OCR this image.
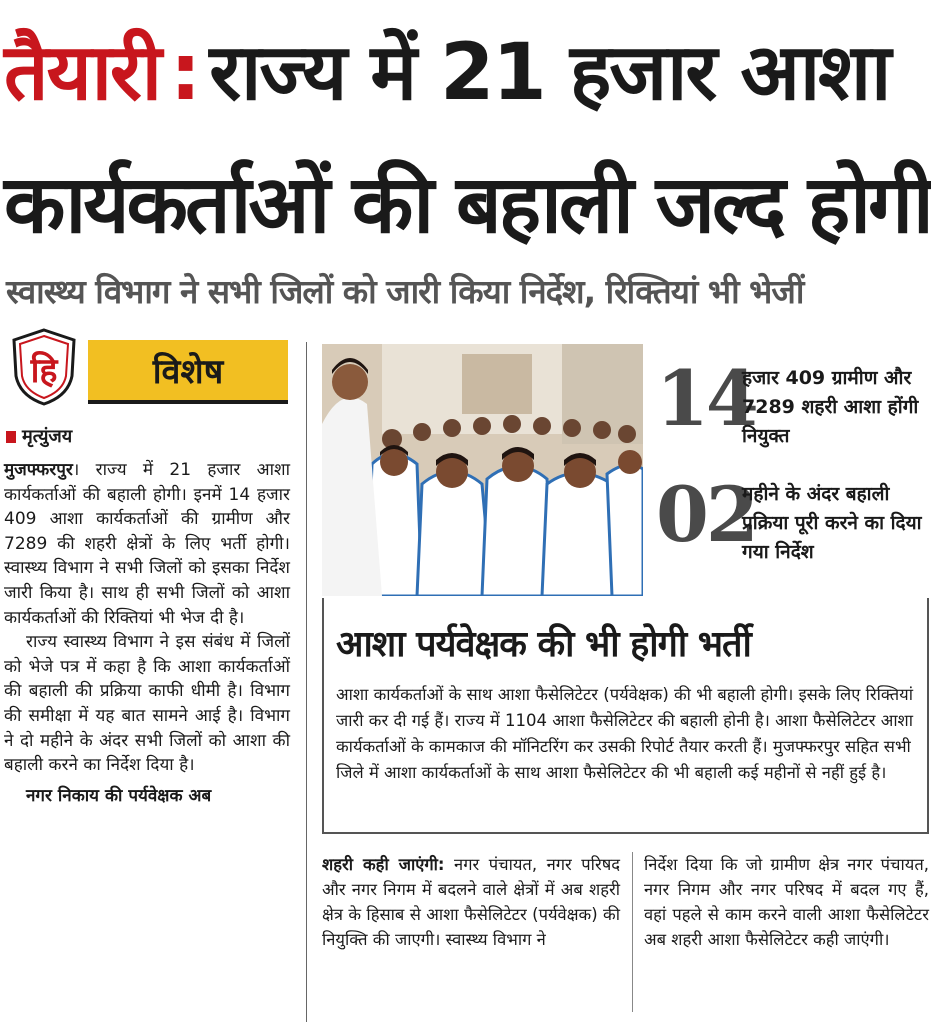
तैयारी : राज्य में 21 हजार आशा
कार्यकर्ताओं की बहाली जल्द होगी
स्वास्थ्य विभाग ने सभी जिलों को जारी किया निर्देश, रिक्तियां भी भेजीं
हि	विशेष
मृत्युंजय

मुजफ्फरपुर। राज्य में 21 हजार आशा कार्यकर्ताओं की बहाली होगी। इनमें 14 हजार 409 आशा कार्यकर्ताओं की ग्रामीण और 7289 की शहरी क्षेत्रों के लिए भर्ती होगी। स्वास्थ्य विभाग ने सभी जिलों को इसका निर्देश जारी किया है। साथ ही सभी जिलों को आशा कार्यकर्ताओं की रिक्तियां भी भेज दी है।

राज्य स्वास्थ्य विभाग ने इस संबंध में जिलों को भेजे पत्र में कहा है कि आशा कार्यकर्ताओं की बहाली की प्रक्रिया काफी धीमी है। विभाग की समीक्षा में यह बात सामने आई है। विभाग ने दो महीने के अंदर सभी जिलों को आशा की बहाली करने का निर्देश दिया है।

नगर निकाय की पर्यवेक्षक अब

14
हजार 409 ग्रामीण और 7289 शहरी आशा होंगी नियुक्त
02
महीने के अंदर बहाली प्रक्रिया पूरी करने का दिया गया निर्देश
आशा पर्यवेक्षक की भी होगी भर्ती

आशा कार्यकर्ताओं के साथ आशा फैसेलिटेटर (पर्यवेक्षक) की भी बहाली होगी। इसके लिए रिक्तियां जारी कर दी गई हैं। राज्य में 1104 आशा फैसेलिटेटर की बहाली होनी है। आशा फैसेलिटेटर आशा कार्यकर्ताओं के कामकाज की मॉनिटरिंग कर उसकी रिपोर्ट तैयार करती हैं। मुजफ्फरपुर सहित सभी जिले में आशा कार्यकर्ताओं के साथ आशा फैसेलिटेटर की भी बहाली कई महीनों से नहीं हुई है।

शहरी कही जाएंगी: नगर पंचायत, नगर परिषद और नगर निगम में बदलने वाले क्षेत्रों में अब शहरी क्षेत्र के हिसाब से आशा फैसेलिटेटर (पर्यवेक्षक) की नियुक्ति की जाएगी। स्वास्थ्य विभाग ने

निर्देश दिया कि जो ग्रामीण क्षेत्र नगर पंचायत, नगर निगम और नगर परिषद में बदल गए हैं, वहां पहले से काम करने वाली आशा फैसेलिटेटर अब शहरी आशा फैसेलिटेटर कही जाएंगी।
